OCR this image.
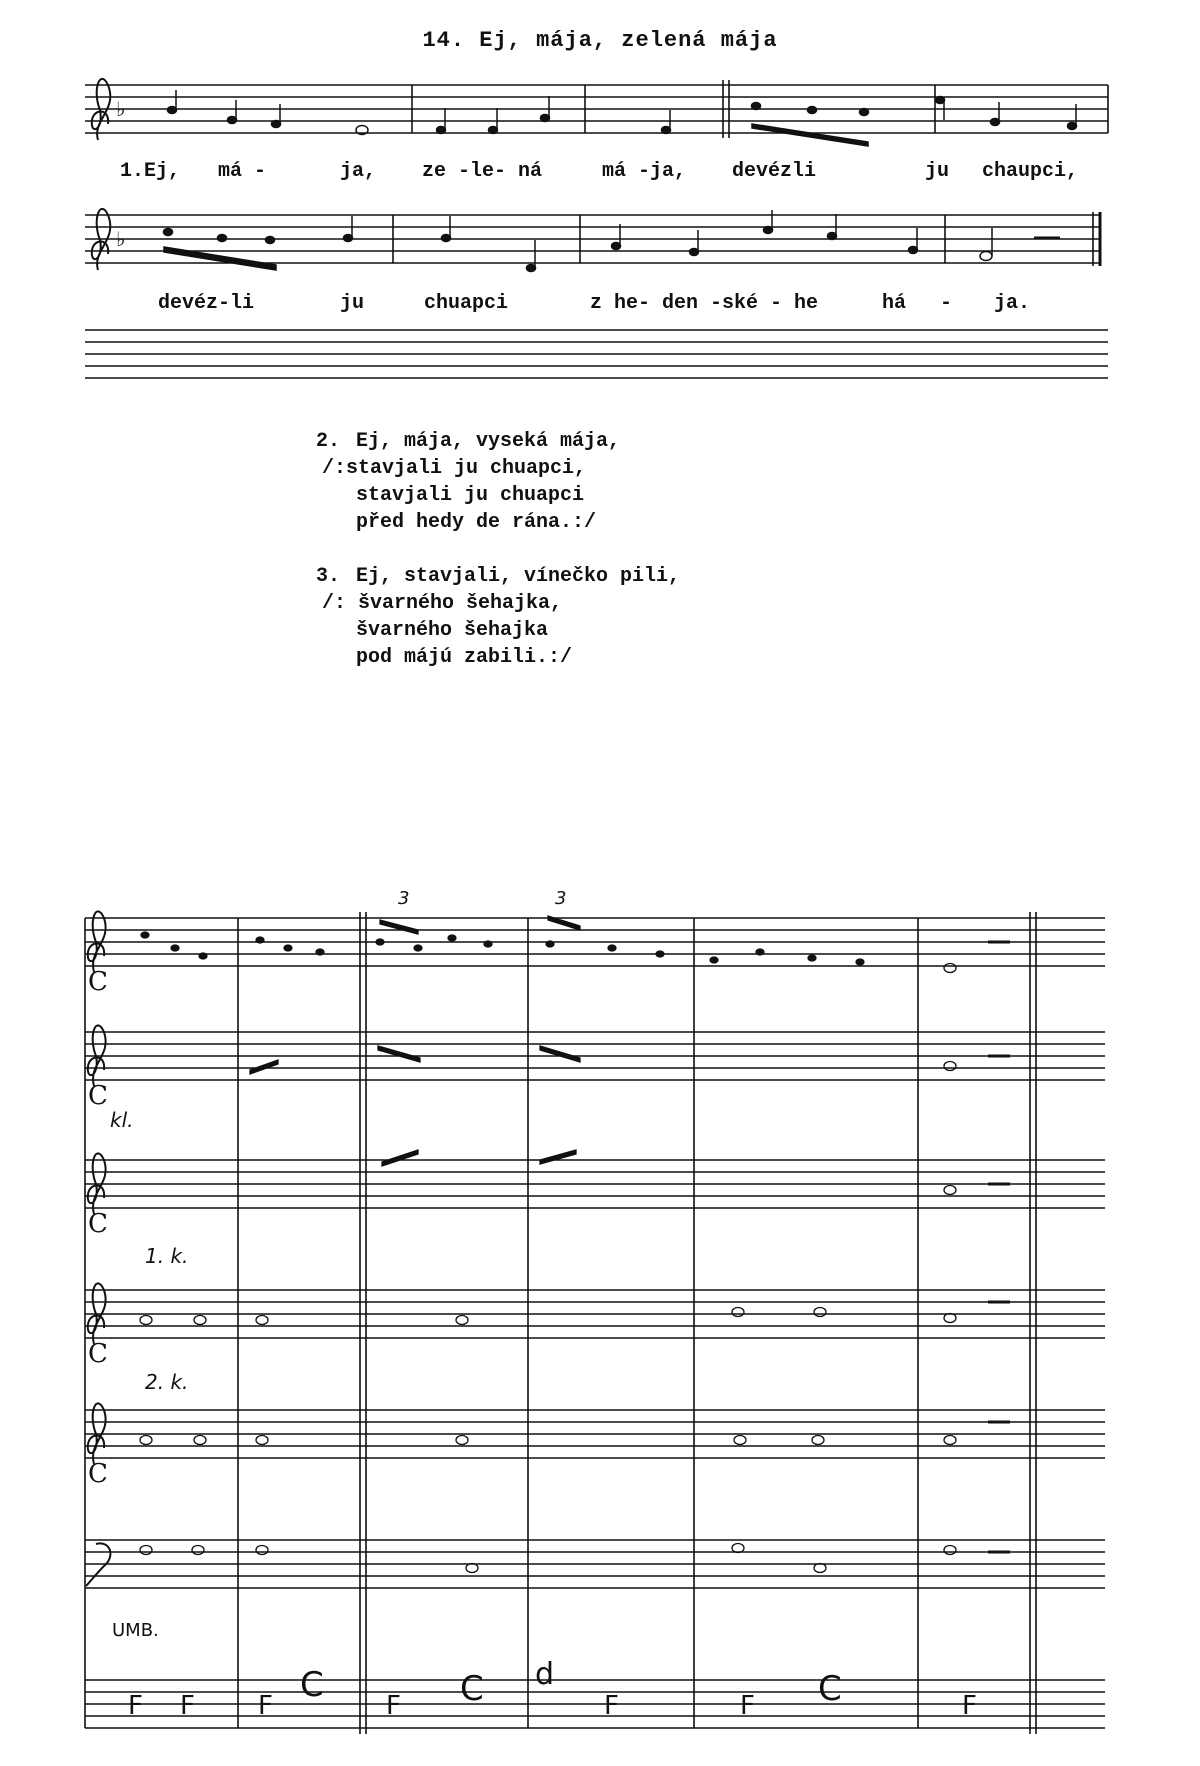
14. Ej, mája, zelená mája
♭
♭
C
C
C
C
C
F F F
C
F C d
F	F C	F
1.Ej, má -	ja, ze -le- ná	má -ja, devézli	ju chaupci,
devéz-li	ju	chuapci	z he- den -ské - he	há - ja.
2. Ej, mája, vyseká mája,
/:stavjali ju chuapci,
stavjali ju chuapci
před hedy de rána.:/
3. Ej, stavjali, vínečko pili,
/: švarného šehajka,
švarného šehajka
pod májú zabili.:/
3	3
kl.
1. k.
2. k.
UMB.
